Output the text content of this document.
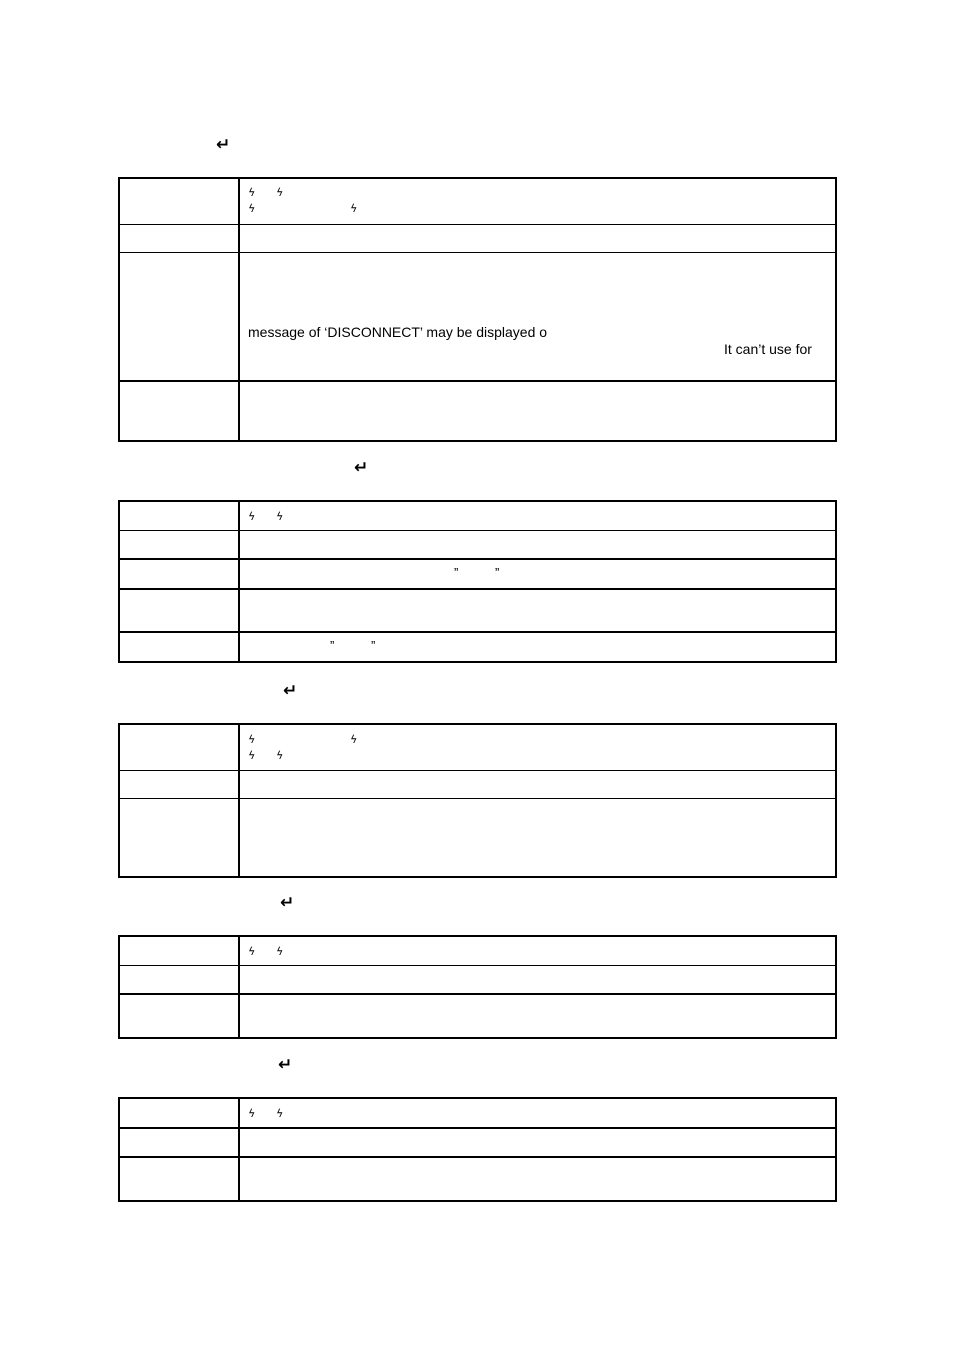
↵
ϟ ϟ
ϟ	ϟ
message of ‘DISCONNECT’ may be displayed o
It can’t use for
↵
ϟ ϟ
”	”
”	”
↵
ϟ	ϟ
ϟ ϟ
↵
ϟ ϟ
↵
ϟ ϟ
